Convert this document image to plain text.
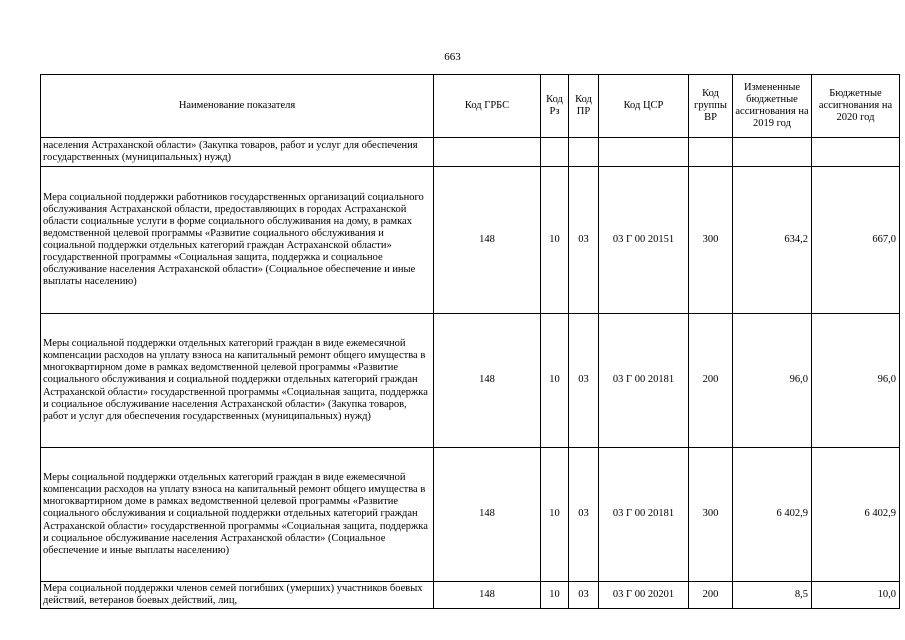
663
Наименование показателя	Код ГРБС	Код Рз	Код ПР	Код ЦСР	Код группы ВР	Измененные бюджетные ассигнования на 2019 год	Бюджетные ассигнования на 2020 год
населения Астраханской области» (Закупка товаров, работ и услуг для обеспечения государственных (муниципальных) нужд)							
Мера социальной поддержки работников государственных организаций социального обслуживания Астраханской области, предоставляющих в городах Астраханской области социальные услуги в форме социального обслуживания на дому, в рамках ведомственной целевой программы «Развитие социального обслуживания и социальной поддержки отдельных категорий граждан Астраханской области» государственной программы «Социальная защита, поддержка и социальное обслуживание населения Астраханской области» (Социальное обеспечение и иные выплаты населению)	148	10	03	03 Г 00 20151	300	634,2	667,0
Меры социальной поддержки отдельных категорий граждан в виде ежемесячной компенсации расходов на уплату взноса на капитальный ремонт общего имущества в многоквартирном доме в рамках ведомственной целевой программы «Развитие социального обслуживания и социальной поддержки отдельных категорий граждан Астраханской области» государственной программы «Социальная защита, поддержка и социальное обслуживание населения Астраханской области» (Закупка товаров, работ и услуг для обеспечения государственных (муниципальных) нужд)	148	10	03	03 Г 00 20181	200	96,0	96,0
Меры социальной поддержки отдельных категорий граждан в виде ежемесячной компенсации расходов на уплату взноса на капитальный ремонт общего имущества в многоквартирном доме в рамках ведомственной целевой программы «Развитие социального обслуживания и социальной поддержки отдельных категорий граждан Астраханской области» государственной программы «Социальная защита, поддержка и социальное обслуживание населения Астраханской области» (Социальное обеспечение и иные выплаты населению)	148	10	03	03 Г 00 20181	300	6 402,9	6 402,9
Мера социальной поддержки членов семей погибших (умерших) участников боевых действий, ветеранов боевых действий, лиц,	148	10	03	03 Г 00 20201	200	8,5	10,0
